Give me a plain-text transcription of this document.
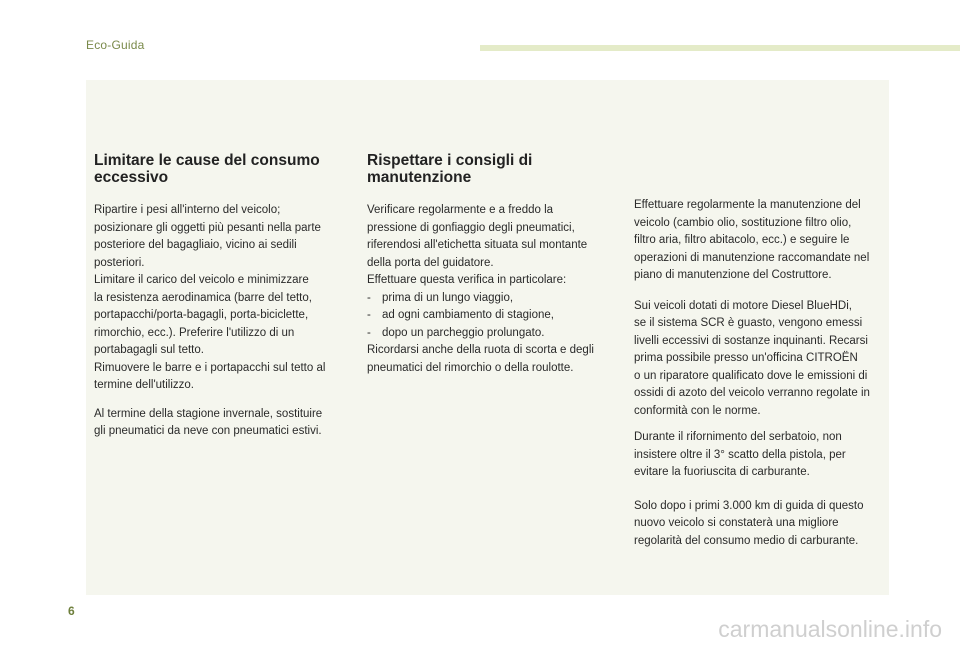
Eco-Guida
Limitare le cause del consumo
eccessivo

Ripartire i pesi all'interno del veicolo;
posizionare gli oggetti più pesanti nella parte
posteriore del bagagliaio, vicino ai sedili
posteriori.
Limitare il carico del veicolo e minimizzare
la resistenza aerodinamica (barre del tetto,
portapacchi/porta-bagagli, porta-biciclette,
rimorchio, ecc.). Preferire l'utilizzo di un
portabagagli sul tetto.
Rimuovere le barre e i portapacchi sul tetto al
termine dell'utilizzo.

Al termine della stagione invernale, sostituire
gli pneumatici da neve con pneumatici estivi.

Rispettare i consigli di
manutenzione

Verificare regolarmente e a freddo la
pressione di gonfiaggio degli pneumatici,
riferendosi all'etichetta situata sul montante
della porta del guidatore.
Effettuare questa verifica in particolare:

- prima di un lungo viaggio,
- ad ogni cambiamento di stagione,
- dopo un parcheggio prolungato.

Ricordarsi anche della ruota di scorta e degli
pneumatici del rimorchio o della roulotte.

Effettuare regolarmente la manutenzione del
veicolo (cambio olio, sostituzione filtro olio,
filtro aria, filtro abitacolo, ecc.) e seguire le
operazioni di manutenzione raccomandate nel
piano di manutenzione del Costruttore.

Sui veicoli dotati di motore Diesel BlueHDi,
se il sistema SCR è guasto, vengono emessi
livelli eccessivi di sostanze inquinanti. Recarsi
prima possibile presso un'officina CITROËN
o un riparatore qualificato dove le emissioni di
ossidi di azoto del veicolo verranno regolate in
conformità con le norme.

Durante il rifornimento del serbatoio, non
insistere oltre il 3° scatto della pistola, per
evitare la fuoriuscita di carburante.

Solo dopo i primi 3.000 km di guida di questo
nuovo veicolo si constaterà una migliore
regolarità del consumo medio di carburante.

6
carmanualsonline.info
